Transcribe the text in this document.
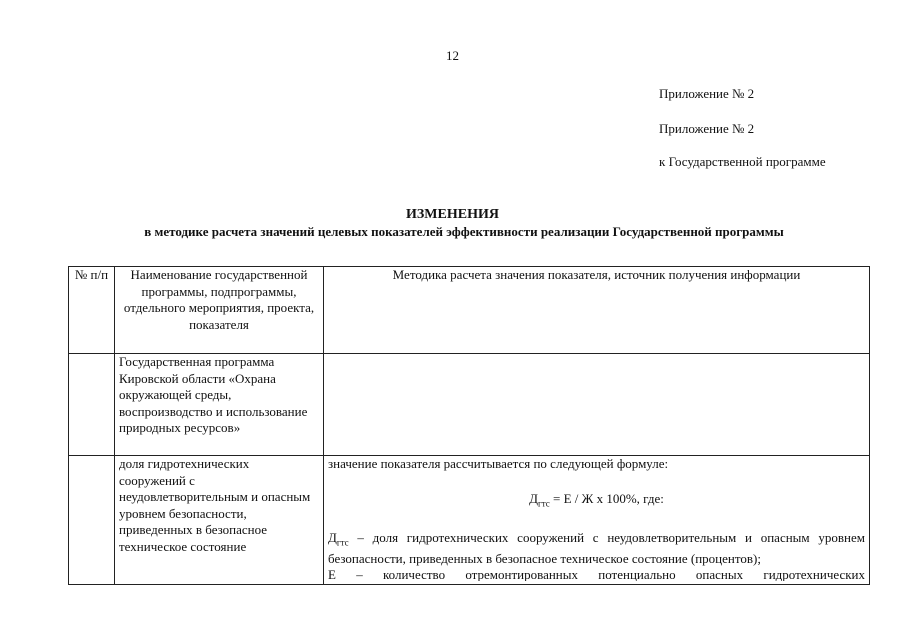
12
Приложение № 2
Приложение № 2
к Государственной программе
ИЗМЕНЕНИЯ
в методике расчета значений целевых показателей эффективности реализации Государственной программы
№ п/п	Наименование государственной программы, подпрограммы, отдельного мероприятия, проекта, показателя	Методика расчета значения показателя, источник получения информации
	Государственная программа Кировской области «Охрана окружающей среды, воспроизводство и использование природных ресурсов»	
	доля гидротехнических сооружений с неудовлетворительным и опасным уровнем безопасности, приведенных в безопасное техническое состояние	значение показателя рассчитывается по следующей формуле:

$Д_{гтс} = Е / Ж$ х 100%, где:

$Д_{гтс}$ – доля гидротехнических сооружений с неудовлетворительным и опасным уровнем безопасности, приведенных в безопасное техническое состояние (процентов);

Е – количество отремонтированных потенциально опасных гидротехнических
